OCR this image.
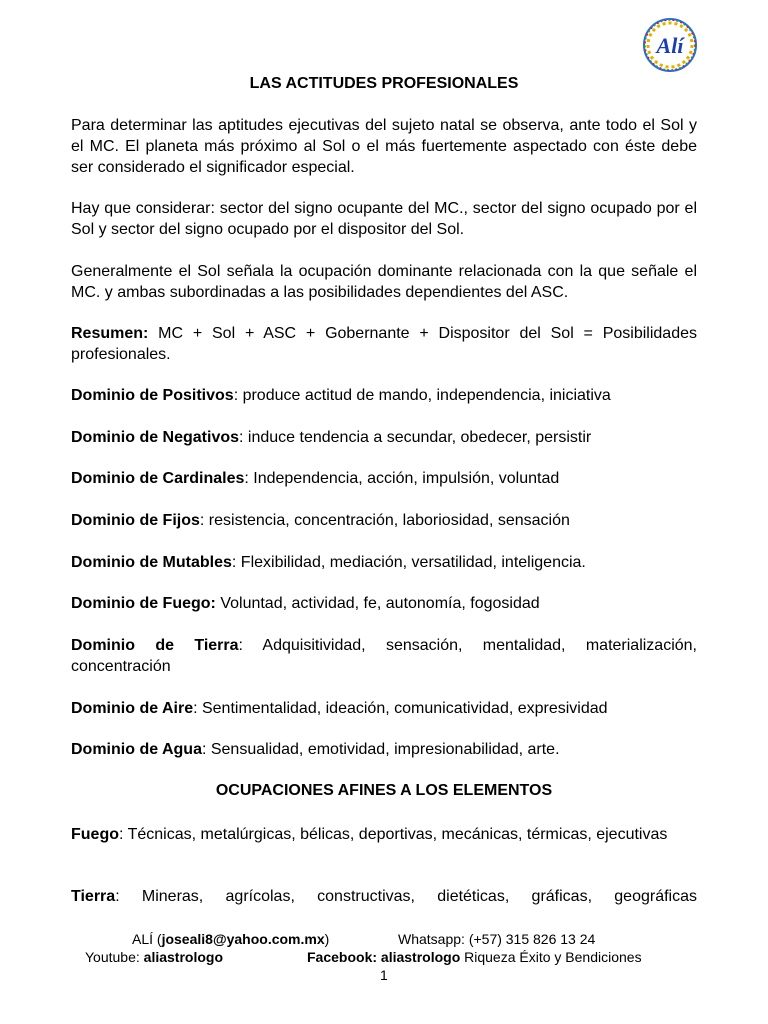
Alí
LAS ACTITUDES PROFESIONALES
Para determinar las aptitudes ejecutivas del sujeto natal se observa, ante todo el Sol y el MC. El planeta más próximo al Sol o el más fuertemente aspectado con éste debe ser considerado el significador especial.
Hay que considerar: sector del signo ocupante del MC., sector del signo ocupado por el Sol y sector del signo ocupado por el dispositor del Sol.
Generalmente el Sol señala la ocupación dominante relacionada con la que señale el MC. y ambas subordinadas a las posibilidades dependientes del ASC.
Resumen: MC + Sol + ASC + Gobernante + Dispositor del Sol = Posibilidades profesionales.
Dominio de Positivos: produce actitud de mando, independencia, iniciativa
Dominio de Negativos: induce tendencia a secundar, obedecer, persistir
Dominio de Cardinales: Independencia, acción, impulsión, voluntad
Dominio de Fijos: resistencia, concentración, laboriosidad, sensación
Dominio de Mutables: Flexibilidad, mediación, versatilidad, inteligencia.
Dominio de Fuego: Voluntad, actividad, fe, autonomía, fogosidad
Dominio de Tierra: Adquisitividad, sensación, mentalidad, materialización, concentración
Dominio de Aire: Sentimentalidad, ideación, comunicatividad, expresividad
Dominio de Agua: Sensualidad, emotividad, impresionabilidad, arte.
OCUPACIONES AFINES A LOS ELEMENTOS
Fuego: Técnicas, metalúrgicas, bélicas, deportivas, mecánicas, térmicas, ejecutivas
Tierra: Mineras, agrícolas, constructivas, dietéticas, gráficas, geográficas
ALÍ (joseali8@yahoo.com.mx)	Whatsapp: (+57) 315 826 13 24
Youtube: aliastrologo	Facebook: aliastrologo Riqueza Éxito y Bendiciones
1
